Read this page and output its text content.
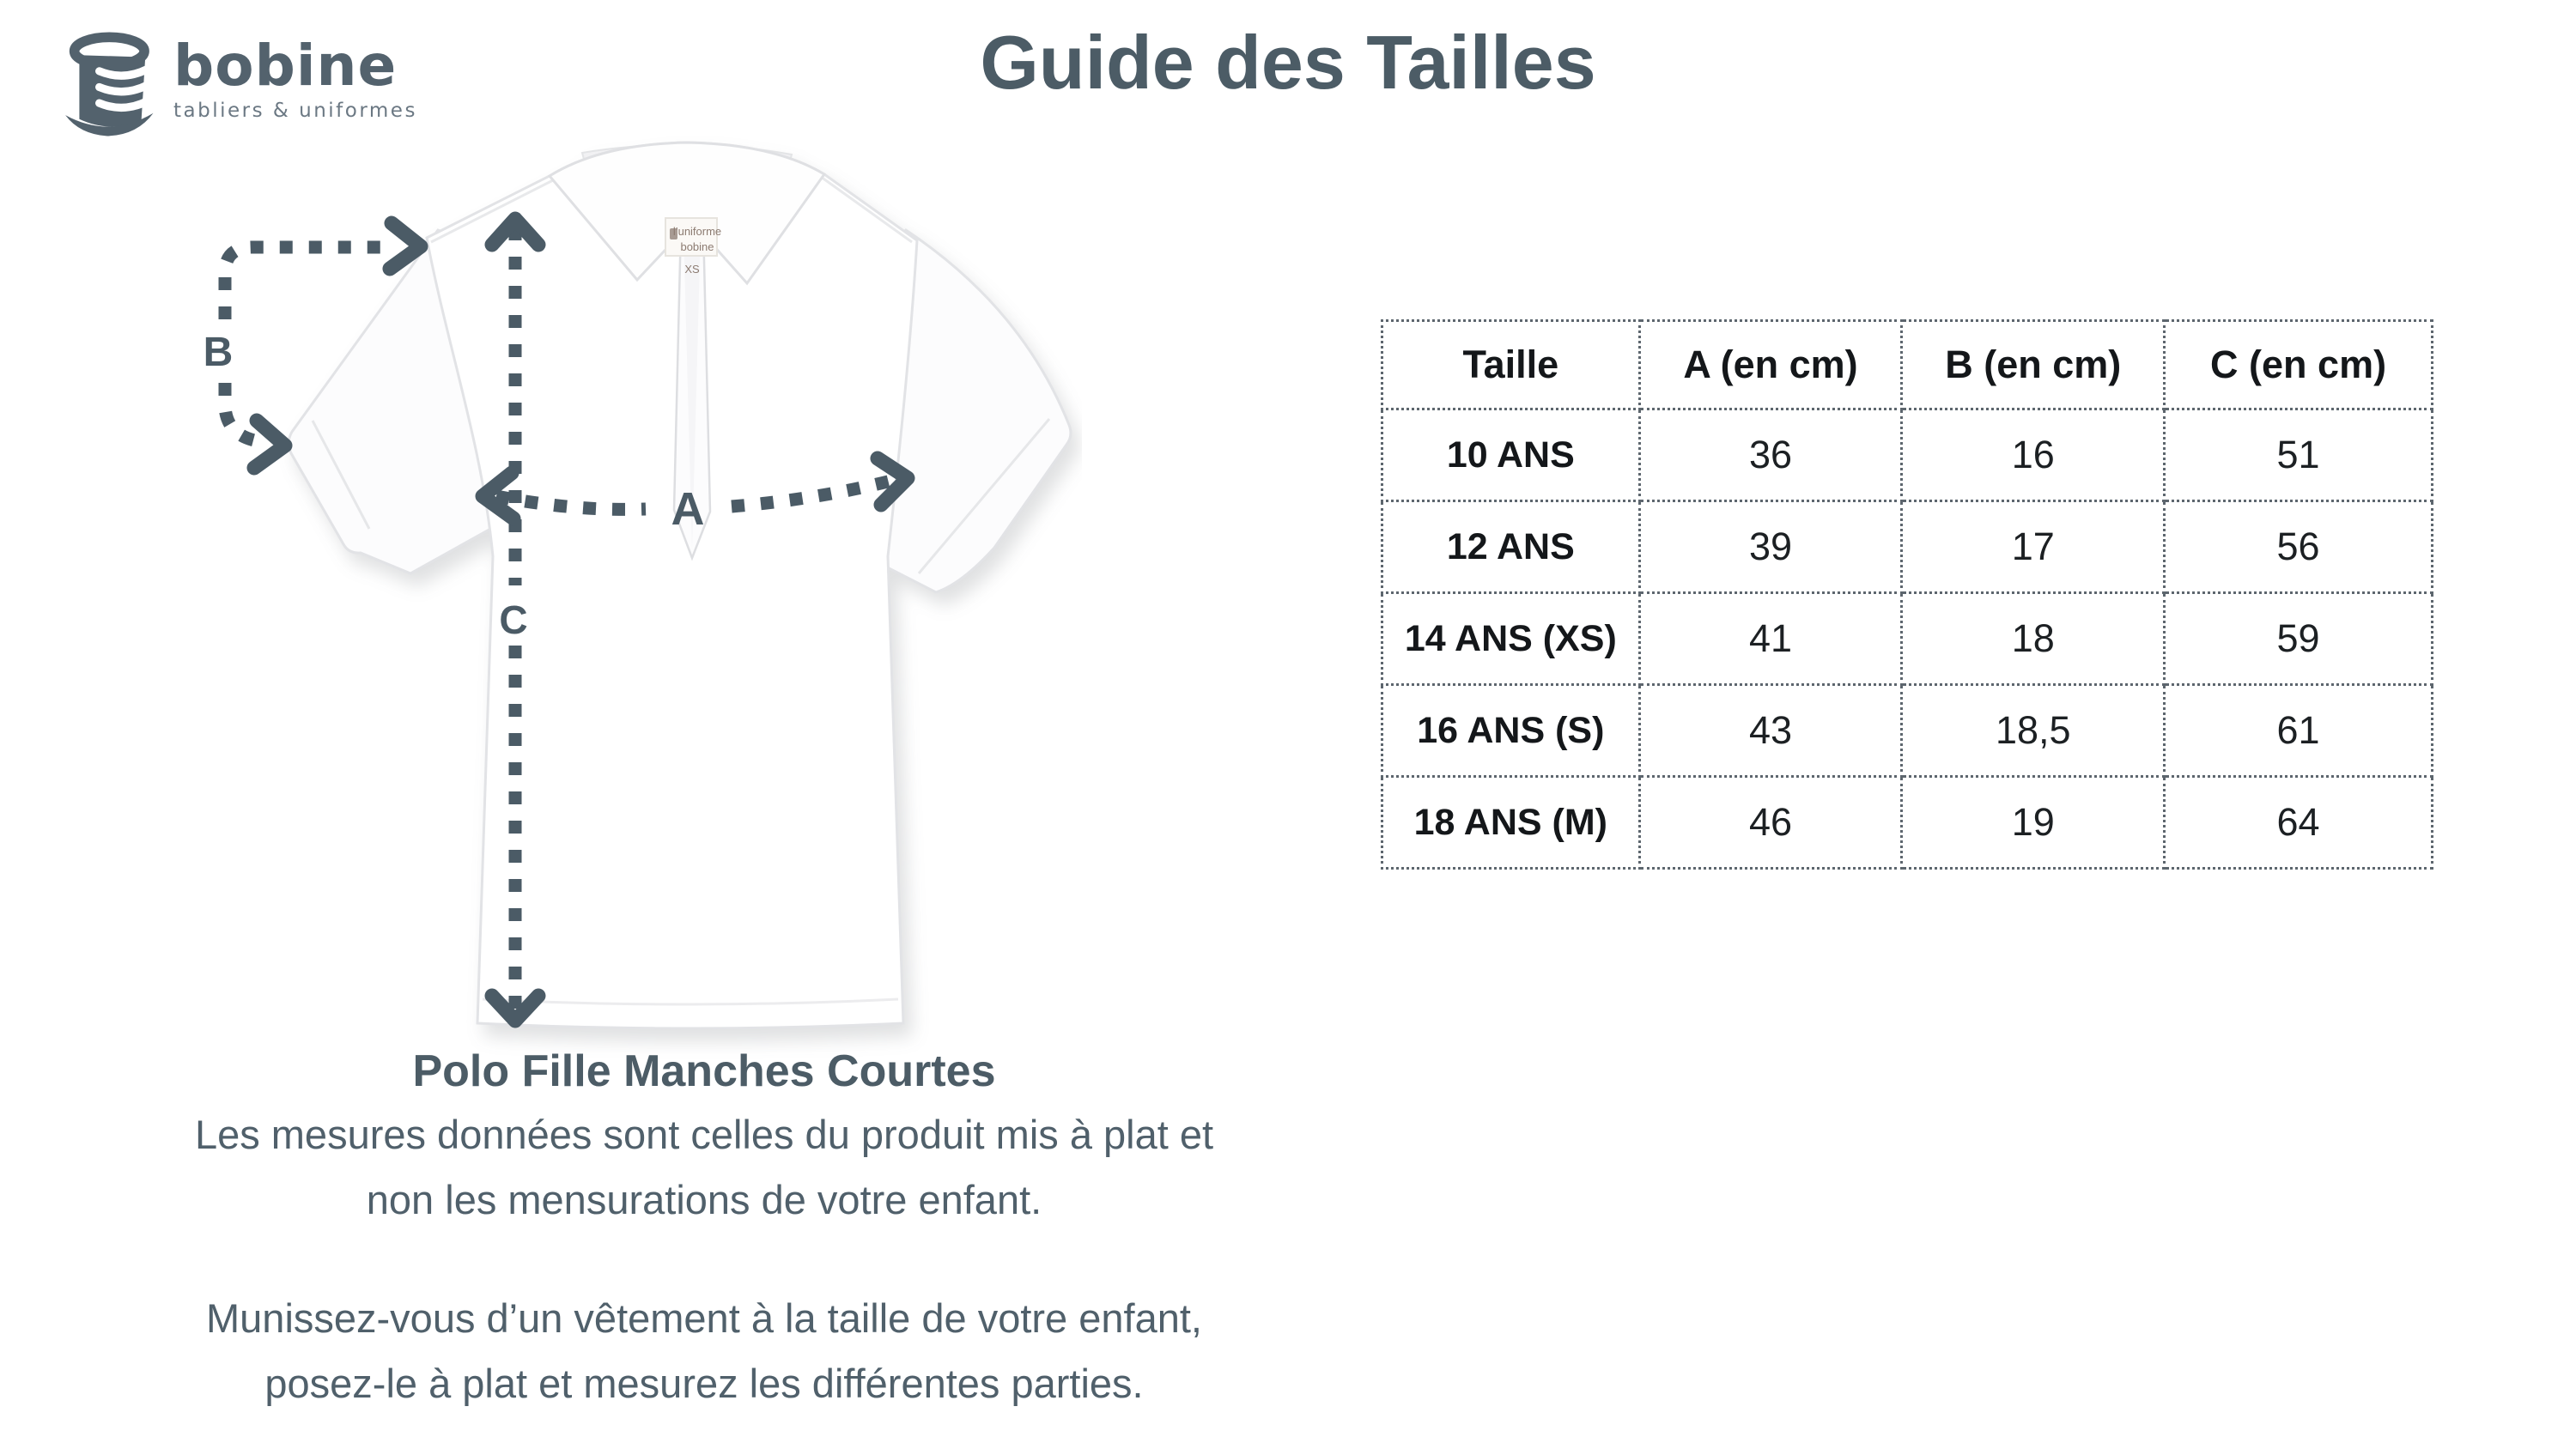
bobine
tabliers & uniformes
Guide des Tailles
l’uniforme
bobine
XS
B
C
A
Polo Fille Manches Courtes
Les mesures données sont celles du produit mis à plat et
non les mensurations de votre enfant.
Munissez-vous d’un vêtement à la taille de votre enfant,
posez-le à plat et mesurez les différentes parties.
Taille	A (en cm)	B (en cm)	C (en cm)
10 ANS	36	16	51
12 ANS	39	17	56
14 ANS (XS)	41	18	59
16 ANS (S)	43	18,5	61
18 ANS (M)	46	19	64
